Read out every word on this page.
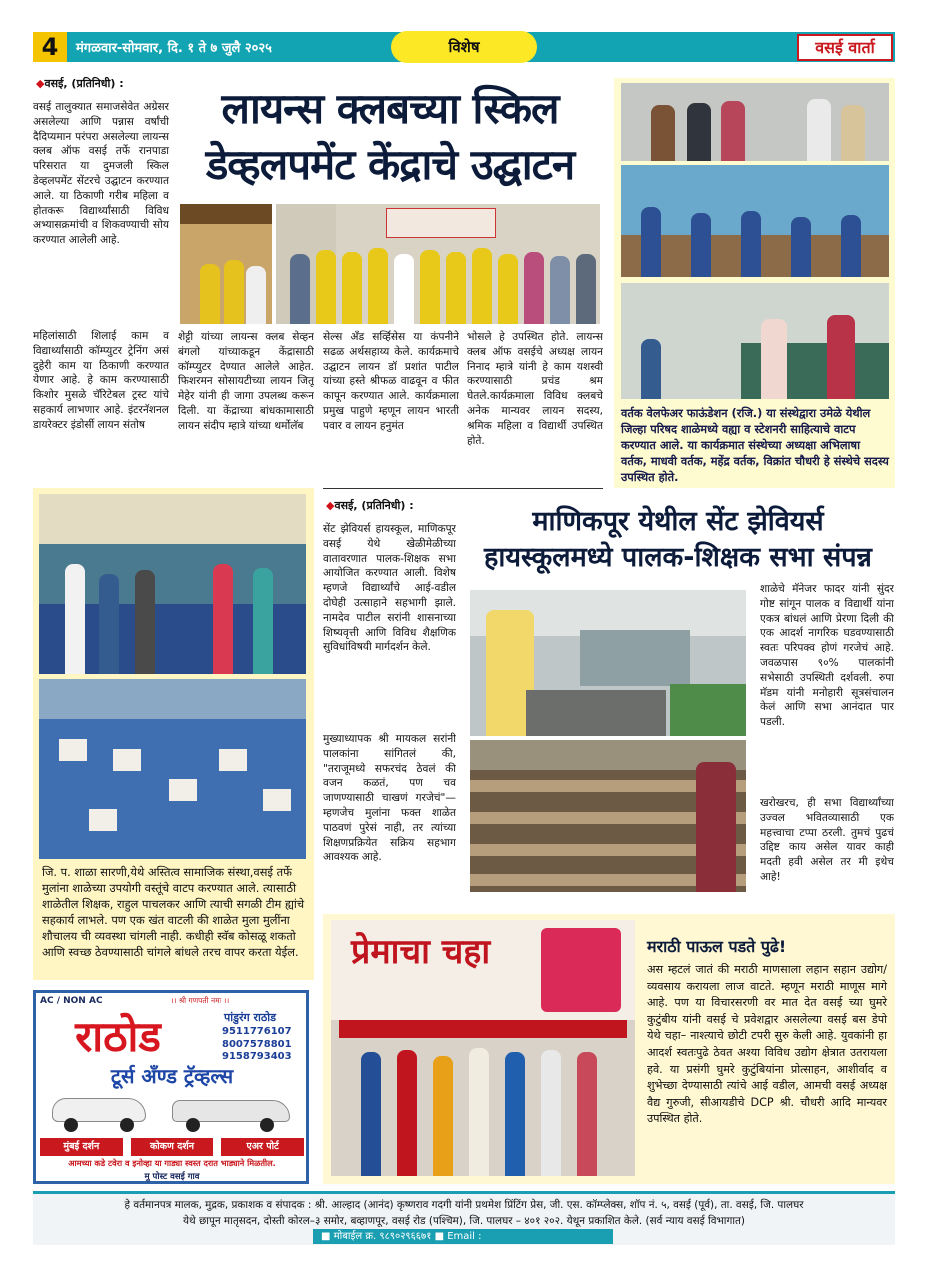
4	मंगळवार-सोमवार, दि. १ ते ७ जुलै २०२५	विशेष	वसई वार्ता
◆वसई, (प्रतिनिधी) :
वसई तालुक्यात समाजसेवेत अग्रेसर असलेल्या आणि पन्नास वर्षांची दैदिप्यमान परंपरा असलेल्या लायन्स क्लब ऑफ वसई तर्फे रानपाडा परिसरात या दुमजली स्किल डेव्हलपमेंट सेंटरचे उद्घाटन करण्यात आले. या ठिकाणी गरीब महिला व होतकरू विद्यार्थ्यांसाठी विविध अभ्यासक्रमांची व शिकवण्याची सोय करण्यात आलेली आहे.
महिलांसाठी शिलाई काम व विद्यार्थ्यांसाठी कॉम्प्युटर ट्रेनिंग असं दुहेरी काम या ठिकाणी करण्यात येणार आहे. हे काम करण्यासाठी किशोर मुसळे चॅरिटेबल ट्रस्ट यांचे सहकार्य लाभणार आहे. इंटरनॅशनल डायरेक्टर इंडोर्सी लायन संतोष
लायन्स क्लबच्या स्किल
डेव्हलपमेंट केंद्राचे उद्घाटन
शेट्टी यांच्या लायन्स क्लब सेव्हन बंगलो यांच्याकडून केंद्रासाठी कॉम्प्युटर देण्यात आलेले आहेत. फिशरमन सोसायटीच्या लायन जितू मेहेर यांनी ही जागा उपलब्ध करून दिली. या केंद्राच्या बांधकामासाठी लायन संदीप म्हात्रे यांच्या थर्मोलॅब
सेल्स अँड सर्व्हिसेस या कंपनीने सढळ अर्थसहाय्य केले. कार्यक्रमाचे उद्घाटन लायन डॉ प्रशांत पाटील यांच्या हस्ते श्रीफळ वाढवून व फीत कापून करण्यात आले. कार्यक्रमाला प्रमुख पाहुणे म्हणून लायन भारती पवार व लायन हनुमंत
भोसले हे उपस्थित होते. लायन्स क्लब ऑफ वसईचे अध्यक्ष लायन निनाद म्हात्रे यांनी हे काम यशस्वी करण्यासाठी प्रचंड श्रम घेतले.कार्यक्रमाला विविध क्लबचे अनेक मान्यवर लायन सदस्य, श्रमिक महिला व विद्यार्थी उपस्थित होते.
वर्तक वेलफेअर फाऊंडेशन (रजि.) या संस्थेद्वारा उमेळे येथील जिल्हा परिषद शाळेमध्ये वह्या व स्टेशनरी साहित्याचे वाटप करण्यात आले. या कार्यक्रमात संस्थेच्या अध्यक्षा अभिलाषा वर्तक, माधवी वर्तक, महेंद्र वर्तक, विक्रांत चौधरी हे संस्थेचे सदस्य उपस्थित होते.
जि. प. शाळा सारणी,येथे अस्तित्व सामाजिक संस्था,वसई तर्फे मुलांना शाळेच्या उपयोगी वस्तूंचे वाटप करण्यात आले. त्यासाठी शाळेतील शिक्षक, राहुल पाचलकर आणि त्याची सगळी टीम ह्यांचे सहकार्य लाभले. पण एक खंत वाटली की शाळेत मुला मुलींना शौचालय ची व्यवस्था चांगली नाही. कधीही स्वॅब कोसळू शकतो आणि स्वच्छ ठेवण्यासाठी चांगले बांधले तरच वापर करता येईल.
◆वसई, (प्रतिनिधी) :
माणिकपूर येथील सेंट झेवियर्स
हायस्कूलमध्ये पालक-शिक्षक सभा संपन्न
सेंट झेवियर्स हायस्कूल, माणिकपूर वसई येथे खेळीमेळीच्या वातावरणात पालक-शिक्षक सभा आयोजित करण्यात आली. विशेष म्हणजे विद्यार्थ्यांचे आई-वडील दोघेही उत्साहाने सहभागी झाले. नामदेव पाटील सरांनी शासनाच्या शिष्यवृत्ती आणि विविध शैक्षणिक सुविधांविषयी मार्गदर्शन केले.
मुख्याध्यापक श्री मायकल सरांनी पालकांना सांगितलं की, "तराजूमध्ये सफरचंद ठेवलं की वजन कळतं, पण चव जाणण्यासाठी चाखणं गरजेचं"—म्हणजेच मुलांना फक्त शाळेत पाठवणं पुरेसं नाही, तर त्यांच्या शिक्षणप्रक्रियेत सक्रिय सहभाग आवश्यक आहे.
शाळेचे मॅनेजर फादर यांनी सुंदर गोष्ट सांगून पालक व विद्यार्थी यांना एकत्र बांधलं आणि प्रेरणा दिली की एक आदर्श नागरिक घडवण्यासाठी स्वतः परिपक्व होणं गरजेचं आहे. जवळपास ९०% पालकांनी सभेसाठी उपस्थिती दर्शवली. रुपा मॅडम यांनी मनोहारी सूत्रसंचालन केलं आणि सभा आनंदात पार पडली.
खरोखरच, ही सभा विद्यार्थ्यांच्या उज्वल भवितव्यासाठी एक महत्त्वाचा टप्पा ठरली. तुमचं पुढचं उद्दिष्ट काय असेल यावर काही मदती हवी असेल तर मी इथेच आहे!
AC / NON AC	।। श्री गणपती नमः ।।
राठोड	पांडुरंग राठोड
9511776107
8007578801
9158793403
टूर्स अँण्ड ट्रॅव्हल्स
मुंबई दर्शन	कोकण दर्शन	एअर पोर्ट
आमच्या कडे टवेरा व इनोव्हा या गाड्या स्वस्त दरात भाड्याने मिळतील.
मु पोस्ट वसई गाव
प्रेमाचा चहा	मराठी पाऊल पडते पुढे!
अस म्हटलं जातं की मराठी माणसाला लहान सहान उद्योग/व्यवसाय करायला लाज वाटते. म्हणून मराठी माणूस मागे आहे. पण या विचारसरणी वर मात देत वसई च्या घुमरे कुटुंबीय यांनी वसई चे प्रवेशद्वार असलेल्या वसई बस डेपो येथे चहा– नाश्त्याचे छोटी टपरी सुरु केली आहे. युवकांनी हा आदर्श स्वतःपुढे ठेवत अश्या विविध उद्योग क्षेत्रात उतरायला हवे. या प्रसंगी घुमरे कुटुंबियांना प्रोत्साहन, आशीर्वाद व शुभेच्छा देण्यासाठी त्यांचे आई वडील, आमची वसई अध्यक्ष वैद्य गुरुजी, सीआयडीचे DCP श्री. चौधरी आदि मान्यवर उपस्थित होते.
हे वर्तमानपत्र मालक, मुद्रक, प्रकाशक व संपादक : श्री. आल्हाद (आनंद) कृष्णराव गदगी यांनी प्रथमेश प्रिंटिंग प्रेस, जी. एस. कॉम्प्लेक्स, शॉप नं. ५, वसई (पूर्व), ता. वसई, जि. पालघर
येथे छापून मातृसदन, दोस्ती कोरल–३ समोर, बव्हाणपूर, वसई रोड (पश्चिम), जि. पालघर – ४०१ २०२. येथून प्रकाशित केले. (सर्व न्याय वसई विभागात)
■ मोबाईल क्र. ९८९०२९६६७१ ■ Email : anandgadagi2011@gmail.com
